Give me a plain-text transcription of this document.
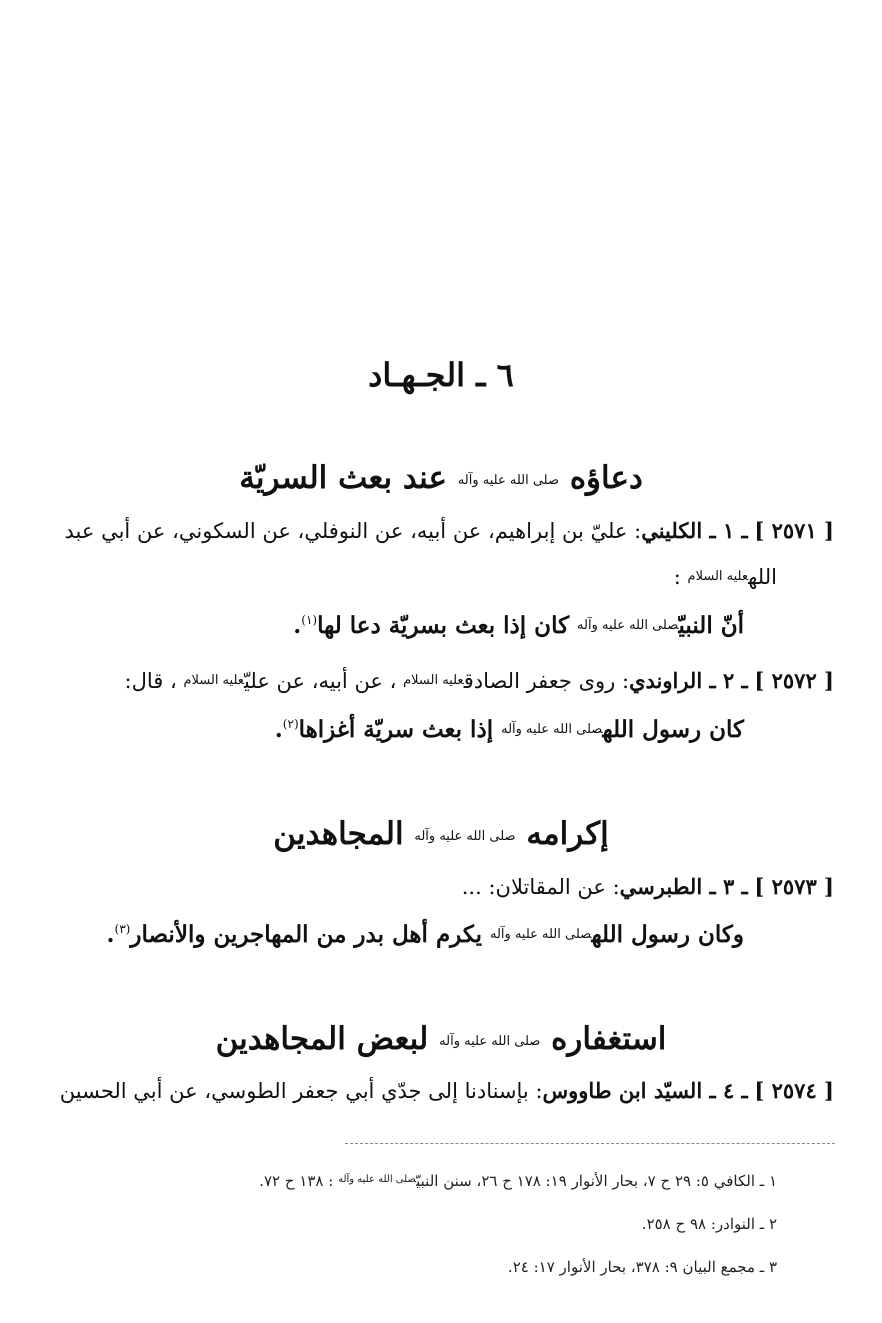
٦ ـ الجـهـاد
دعاؤه صلى الله عليه وآله عند بعث السريّة
[ ٢٥٧١ ] ـ ١ ـ الكليني: عليّ بن إبراهيم، عن أبيه، عن النوفلي، عن السكوني، عن أبي عبد
اللهعليه السلام :
أنّ النبيّصلى الله عليه وآله كان إذا بعث بسريّة دعا لها$^{(١)}$.
[ ٢٥٧٢ ] ـ ٢ ـ الراوندي: روى جعفر الصادقعليه السلام ، عن أبيه، عن عليّعليه السلام ، قال:
كان رسول اللهصلى الله عليه وآله إذا بعث سريّة أغزاها$^{(٢)}$.
إكرامه صلى الله عليه وآله المجاهدين
[ ٢٥٧٣ ] ـ ٣ ـ الطبرسي: عن المقاتلان: ...
وكان رسول اللهصلى الله عليه وآله يكرم أهل بدر من المهاجرين والأنصار$^{(٣)}$.
استغفاره صلى الله عليه وآله لبعض المجاهدين
[ ٢٥٧٤ ] ـ ٤ ـ السيّد ابن طاووس: بإسنادنا إلى جدّي أبي جعفر الطوسي، عن أبي الحسين
١ ـ الكافي ٥: ٢٩ ح ٧، بحار الأنوار ١٩: ١٧٨ ح ٢٦، سنن النبيّ$^{صلى الله عليه وآله}$ : ١٣٨ ح ٧٢.
٢ ـ النوادر: ٩٨ ح ٢٥٨.
٣ ـ مجمع البيان ٩: ٣٧٨، بحار الأنوار ١٧: ٢٤.
